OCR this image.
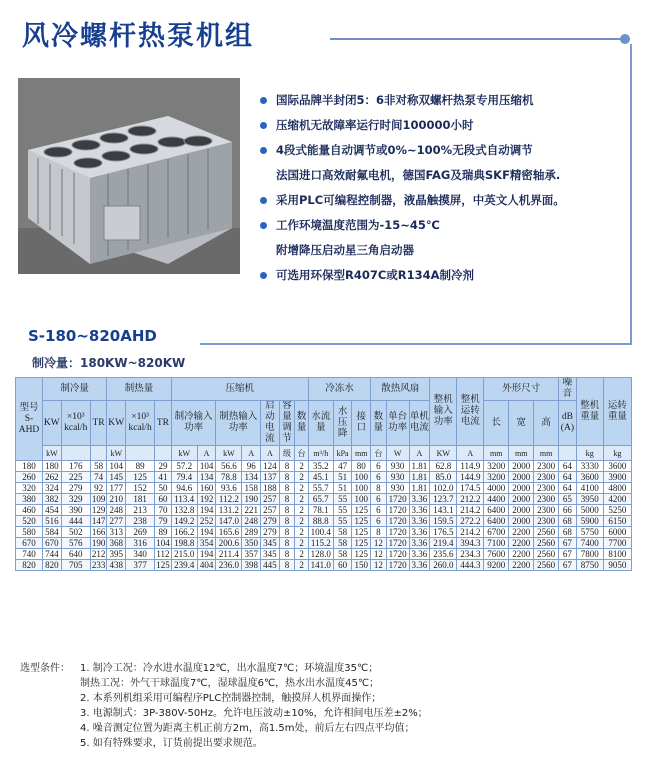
风冷螺杆热泵机组
国际品牌半封闭5：6非对称双螺杆热泵专用压缩机
压缩机无故障率运行时间100000小时
4段式能量自动调节或0%~100%无段式自动调节
法国进口高效耐氟电机，德国FAG及瑞典SKF精密轴承.
采用PLC可编程控制器，液晶触摸屏，中英文人机界面。
工作环境温度范围为-15~45℃
附增降压启动星三角启动器
可选用环保型R407C或R134A制冷剂
S-180~820AHD
制冷量：180KW~820KW
型号 S-AHD	制冷量			制热量			压缩机							冷冻水			散热风扇			整机输入功率	整机运转电流	外形尺寸			噪音	整机重量	运转重量
	KW	×10³ kcal/h	TR	KW	×10³ kcal/h	TR	制冷输入功率		制热输入功率		启动电流	容量调节	数量	水流量	水压降	接口	数量	单台功率	单机电流			长	宽	高	dB (A)		
	kW			kW			kW	A	kW	A	A	级	台	m³/h	kPa	mm	台	W	A	KW	A	mm	mm	mm		kg	kg
180	180	176	58	104	89	29	57.2	104	56.6	96	124	8	2	35.2	47	80	6	930	1.81	62.8	114.9	3200	2000	2300	64	3330	3600
260	262	225	74	145	125	41	79.4	134	78.8	134	137	8	2	45.1	51	100	6	930	1.81	85.0	144.9	3200	2000	2300	64	3600	3900
320	324	279	92	177	152	50	94.6	160	93.6	158	188	8	2	55.7	51	100	8	930	1.81	102.0	174.5	4000	2000	2300	64	4100	4800
380	382	329	109	210	181	60	113.4	192	112.2	190	257	8	2	65.7	55	100	6	1720	3.36	123.7	212.2	4400	2000	2300	65	3950	4200
460	454	390	129	248	213	70	132.8	194	131.2	221	257	8	2	78.1	55	125	6	1720	3.36	143.1	214.2	6400	2000	2300	66	5000	5250
520	516	444	147	277	238	79	149.2	252	147.0	248	279	8	2	88.8	55	125	6	1720	3.36	159.5	272.2	6400	2000	2300	68	5900	6150
580	584	502	166	313	269	89	166.2	194	165.6	289	279	8	2	100.4	58	125	8	1720	3.36	176.5	214.2	6700	2200	2560	68	5750	6000
670	670	576	190	368	316	104	198.8	354	200.6	350	345	8	2	115.2	58	125	12	1720	3.36	219.4	394.3	7100	2200	2560	67	7400	7700
740	744	640	212	395	340	112	215.0	194	211.4	357	345	8	2	128.0	58	125	12	1720	3.36	235.6	234.3	7600	2200	2560	67	7800	8100
820	820	705	233	438	377	125	239.4	404	236.0	398	445	8	2	141.0	60	150	12	1720	3.36	260.0	444.3	9200	2200	2560	67	8750	9050
选型条件： 1. 制冷工况：冷水进水温度12℃，出水温度7℃；环境温度35℃；
制热工况：外气干球温度7℃，湿球温度6℃，热水出水温度45℃；
2. 本系列机组采用可编程序PLC控制器控制，触摸屏人机界面操作；
3. 电源制式：3P-380V-50Hz。允许电压波动±10%，允许相间电压差±2%；
4. 噪音测定位置为距离主机正前方2m，高1.5m处，前后左右四点平均值；
5. 如有特殊要求，订货前提出要求规范。
